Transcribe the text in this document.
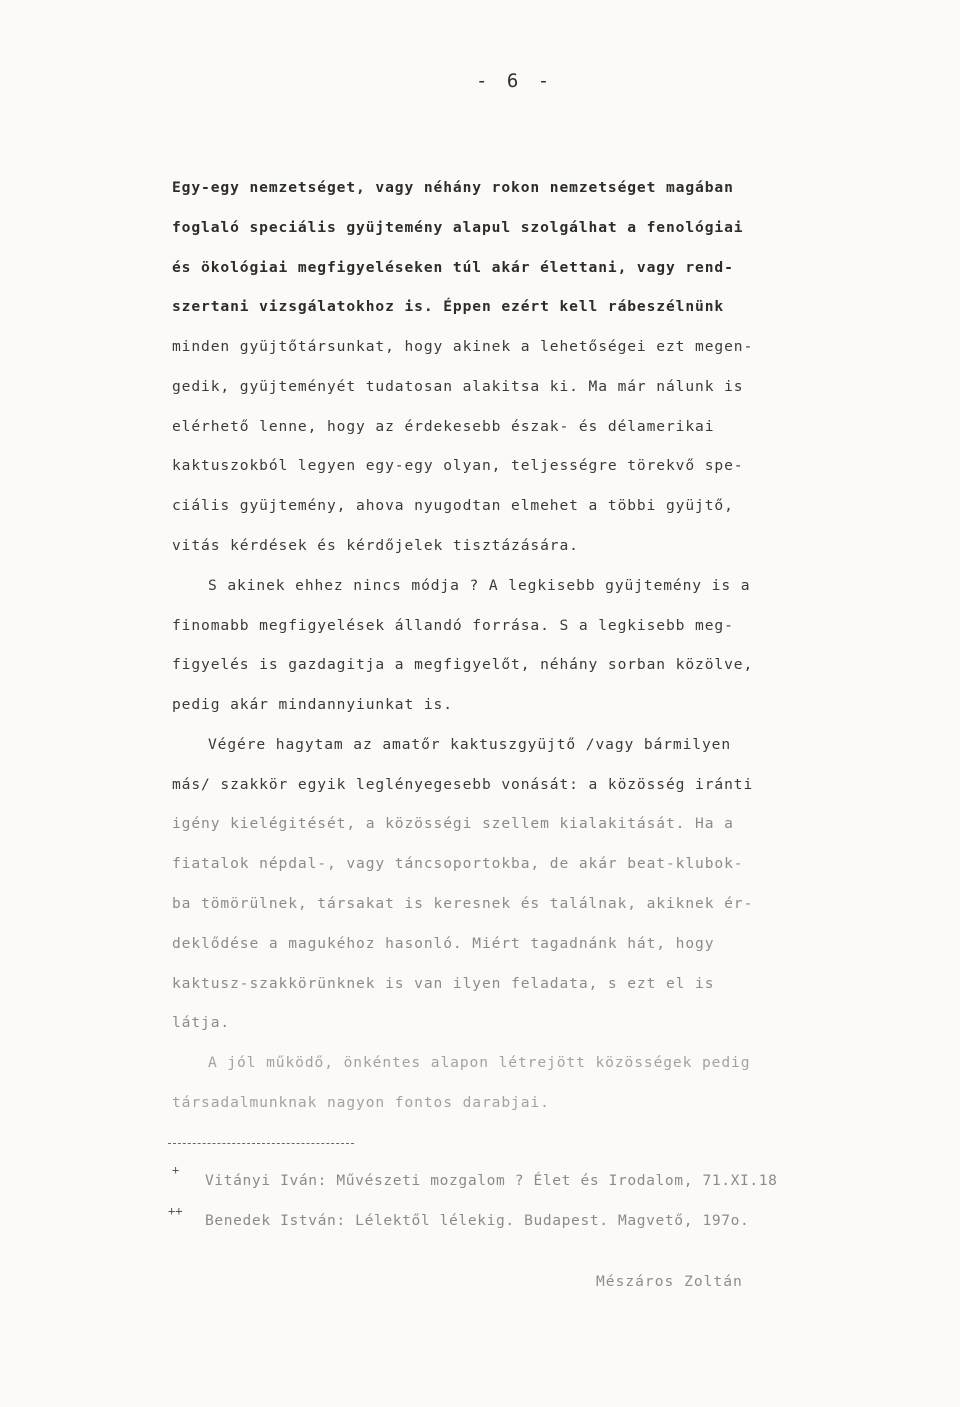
- 6 -
Egy-egy nemzetséget, vagy néhány rokon nemzetséget magában
foglaló speciális gyüjtemény alapul szolgálhat a fenológiai
és ökológiai megfigyeléseken túl akár élettani, vagy rend-
szertani vizsgálatokhoz is. Éppen ezért kell rábeszélnünk
minden gyüjtőtársunkat, hogy akinek a lehetőségei ezt megen-
gedik, gyüjteményét tudatosan alakitsa ki. Ma már nálunk is
elérhető lenne, hogy az érdekesebb észak- és délamerikai
kaktuszokból legyen egy-egy olyan, teljességre törekvő spe-
ciális gyüjtemény, ahova nyugodtan elmehet a többi gyüjtő,
vitás kérdések és kérdőjelek tisztázására.
S akinek ehhez nincs módja ? A legkisebb gyüjtemény is a
finomabb megfigyelések állandó forrása. S a legkisebb meg-
figyelés is gazdagitja a megfigyelőt, néhány sorban közölve,
pedig akár mindannyiunkat is.
Végére hagytam az amatőr kaktuszgyüjtő /vagy bármilyen
más/ szakkör egyik leglényegesebb vonását: a közösség iránti
igény kielégitését, a közösségi szellem kialakitását. Ha a
fiatalok népdal-, vagy táncsoportokba, de akár beat-klubok-
ba tömörülnek, társakat is keresnek és találnak, akiknek ér-
deklődése a magukéhoz hasonló. Miért tagadnánk hát, hogy
kaktusz-szakkörünknek is van ilyen feladata, s ezt el is
látja.
A jól működő, önkéntes alapon létrejött közösségek pedig
társadalmunknak nagyon fontos darabjai.
+
Vitányi Iván: Művészeti mozgalom ? Élet és Irodalom, 71.XI.18
++
Benedek István: Lélektől lélekig. Budapest. Magvető, 197o.
Mészáros Zoltán
